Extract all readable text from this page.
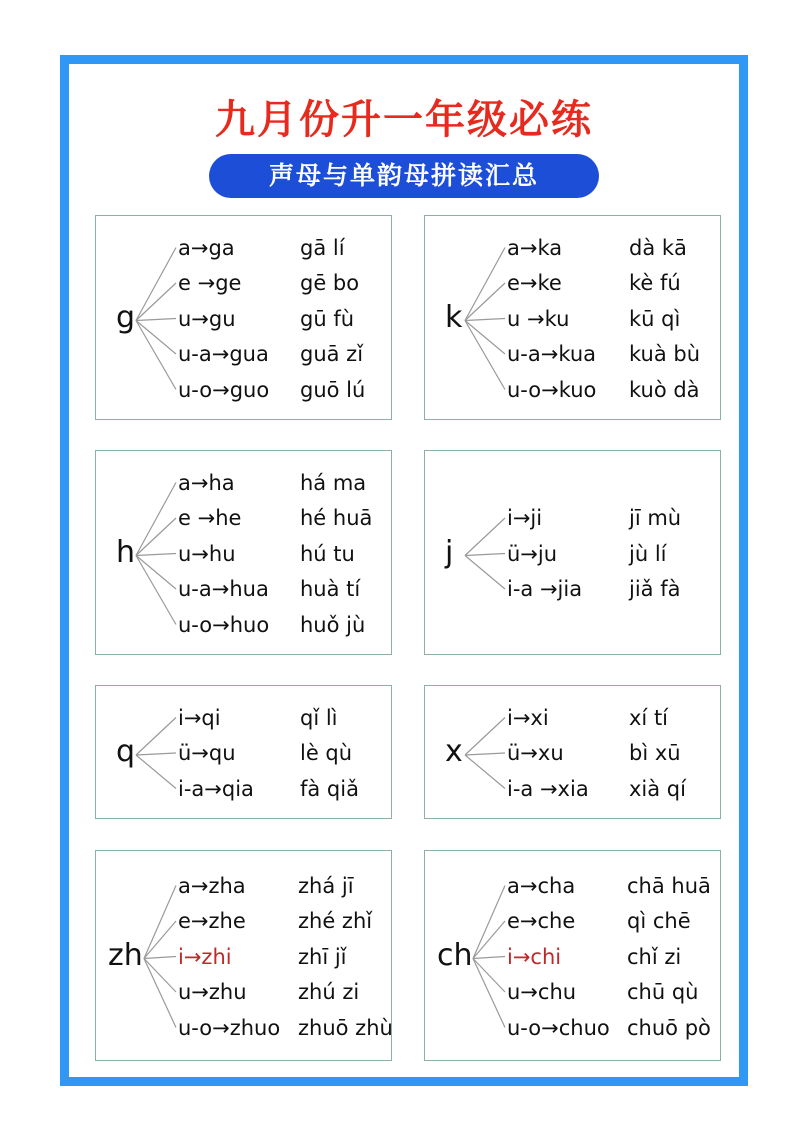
九月份升一年级必练
声母与单韵母拼读汇总
g
a→ga	gā lí
e →ge	gē bo
u→gu	gū fù
u-a→gua guā zǐ
u-o→guo guō lú
k
a→ka	dà kā
e→ke	kè fú
u →ku	kū qì
u-a→kua kuà bù
u-o→kuo kuò dà
h
a→ha	há ma
e →he	hé huā
u→hu	hú tu
u-a→hua huà tí
u-o→huo huǒ jù
j
i→ji	jī mù
ü→ju	jù lí
i-a →jia jiǎ fà
q
i→qi	qǐ lì
ü→qu	lè qù
i-a→qia fà qiǎ
x
i→xi	xí tí
ü→xu	bì xū
i-a →xia xià qí
zh
a→zha zhá jī
e→zhe zhé zhǐ
i→zhi	zhī jǐ
u→zhu zhú zi
u-o→zhuo zhuō zhù
ch
a→cha chā huā
e→che qì chē
i→chi	chǐ zi
u→chu chū qù
u-o→chuo chuō pò
